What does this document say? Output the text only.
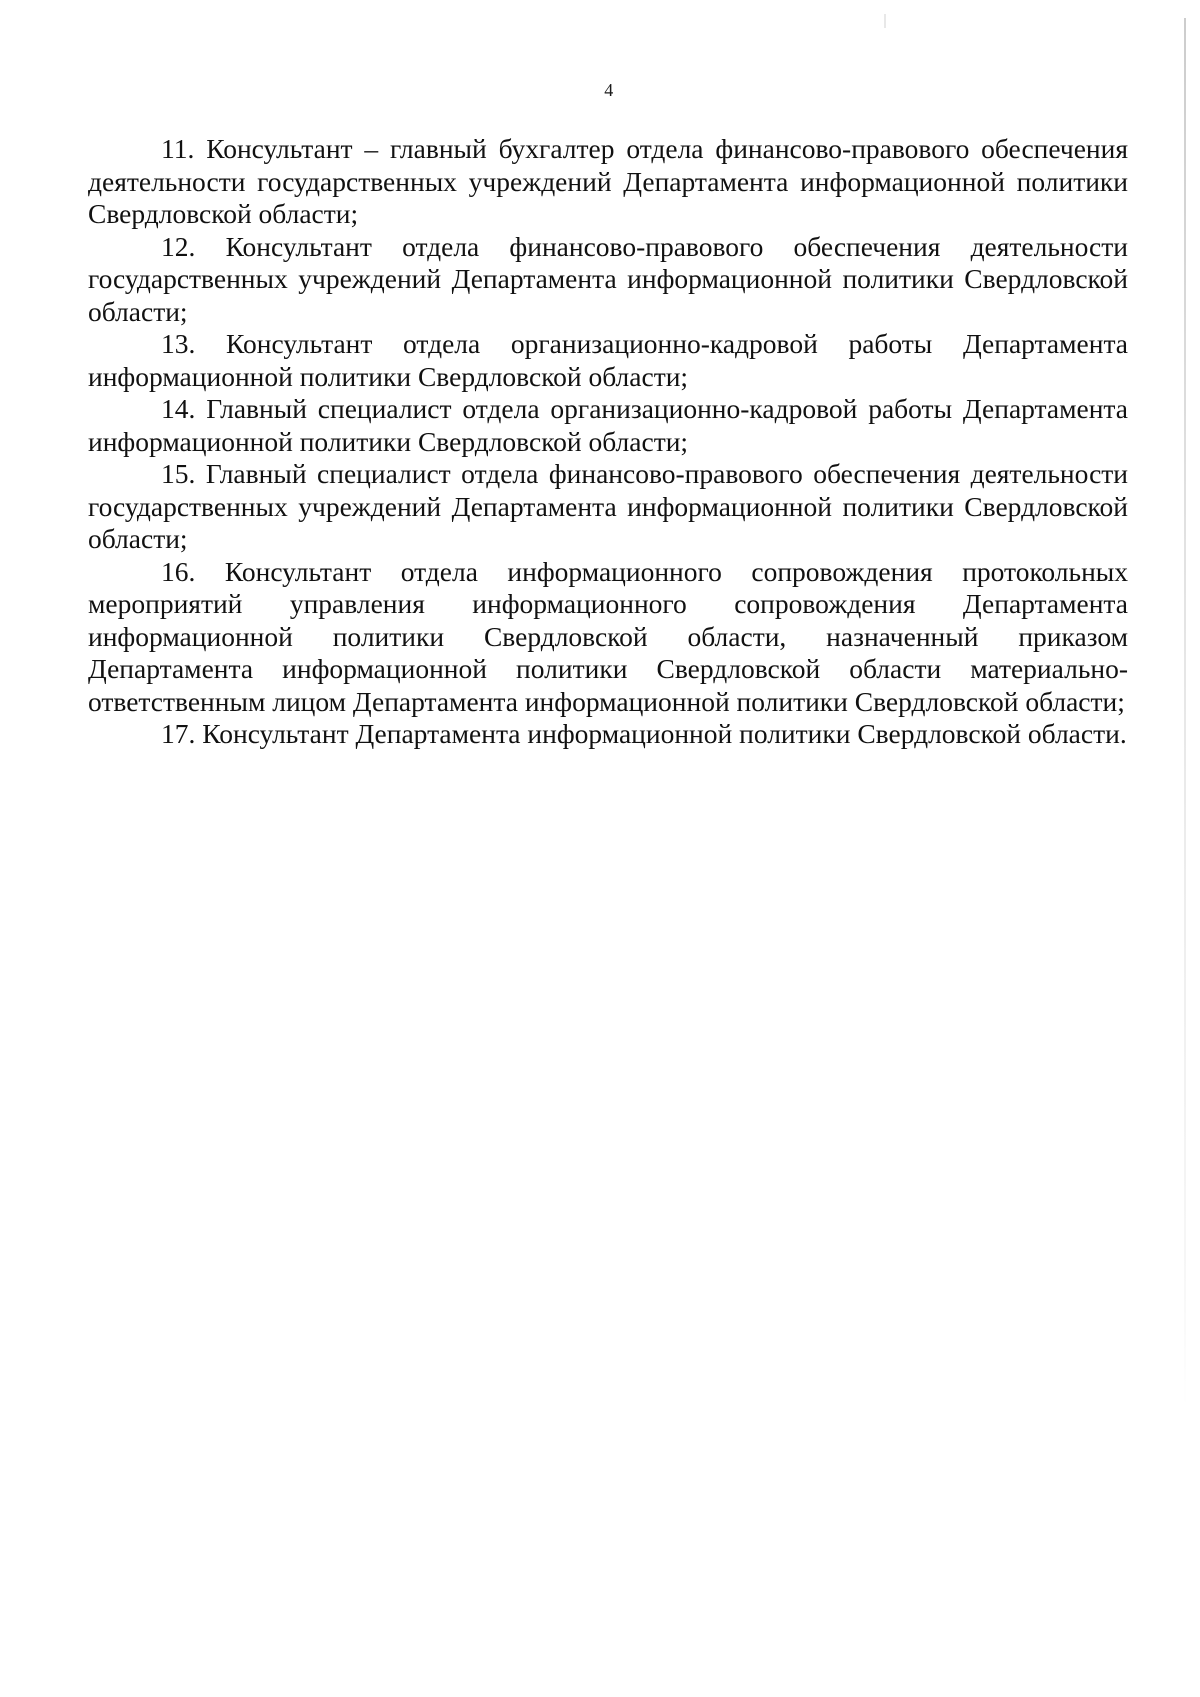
4

11. Консультант – главный бухгалтер отдела финансово-правового обеспечения деятельности государственных учреждений Департамента информационной политики Свердловской области;

12. Консультант отдела финансово-правового обеспечения деятельности государственных учреждений Департамента информационной политики Свердловской области;

13. Консультант отдела организационно-кадровой работы Департамента информационной политики Свердловской области;

14. Главный специалист отдела организационно-кадровой работы Департамента информационной политики Свердловской области;

15. Главный специалист отдела финансово-правового обеспечения деятельности государственных учреждений Департамента информационной политики Свердловской области;

16. Консультант отдела информационного сопровождения протокольных мероприятий управления информационного сопровождения Департамента информационной политики Свердловской области, назначенный приказом Департамента информационной политики Свердловской области материально-ответственным лицом Департамента информационной политики Свердловской области;

17. Консультант Департамента информационной политики Свердловской области.
